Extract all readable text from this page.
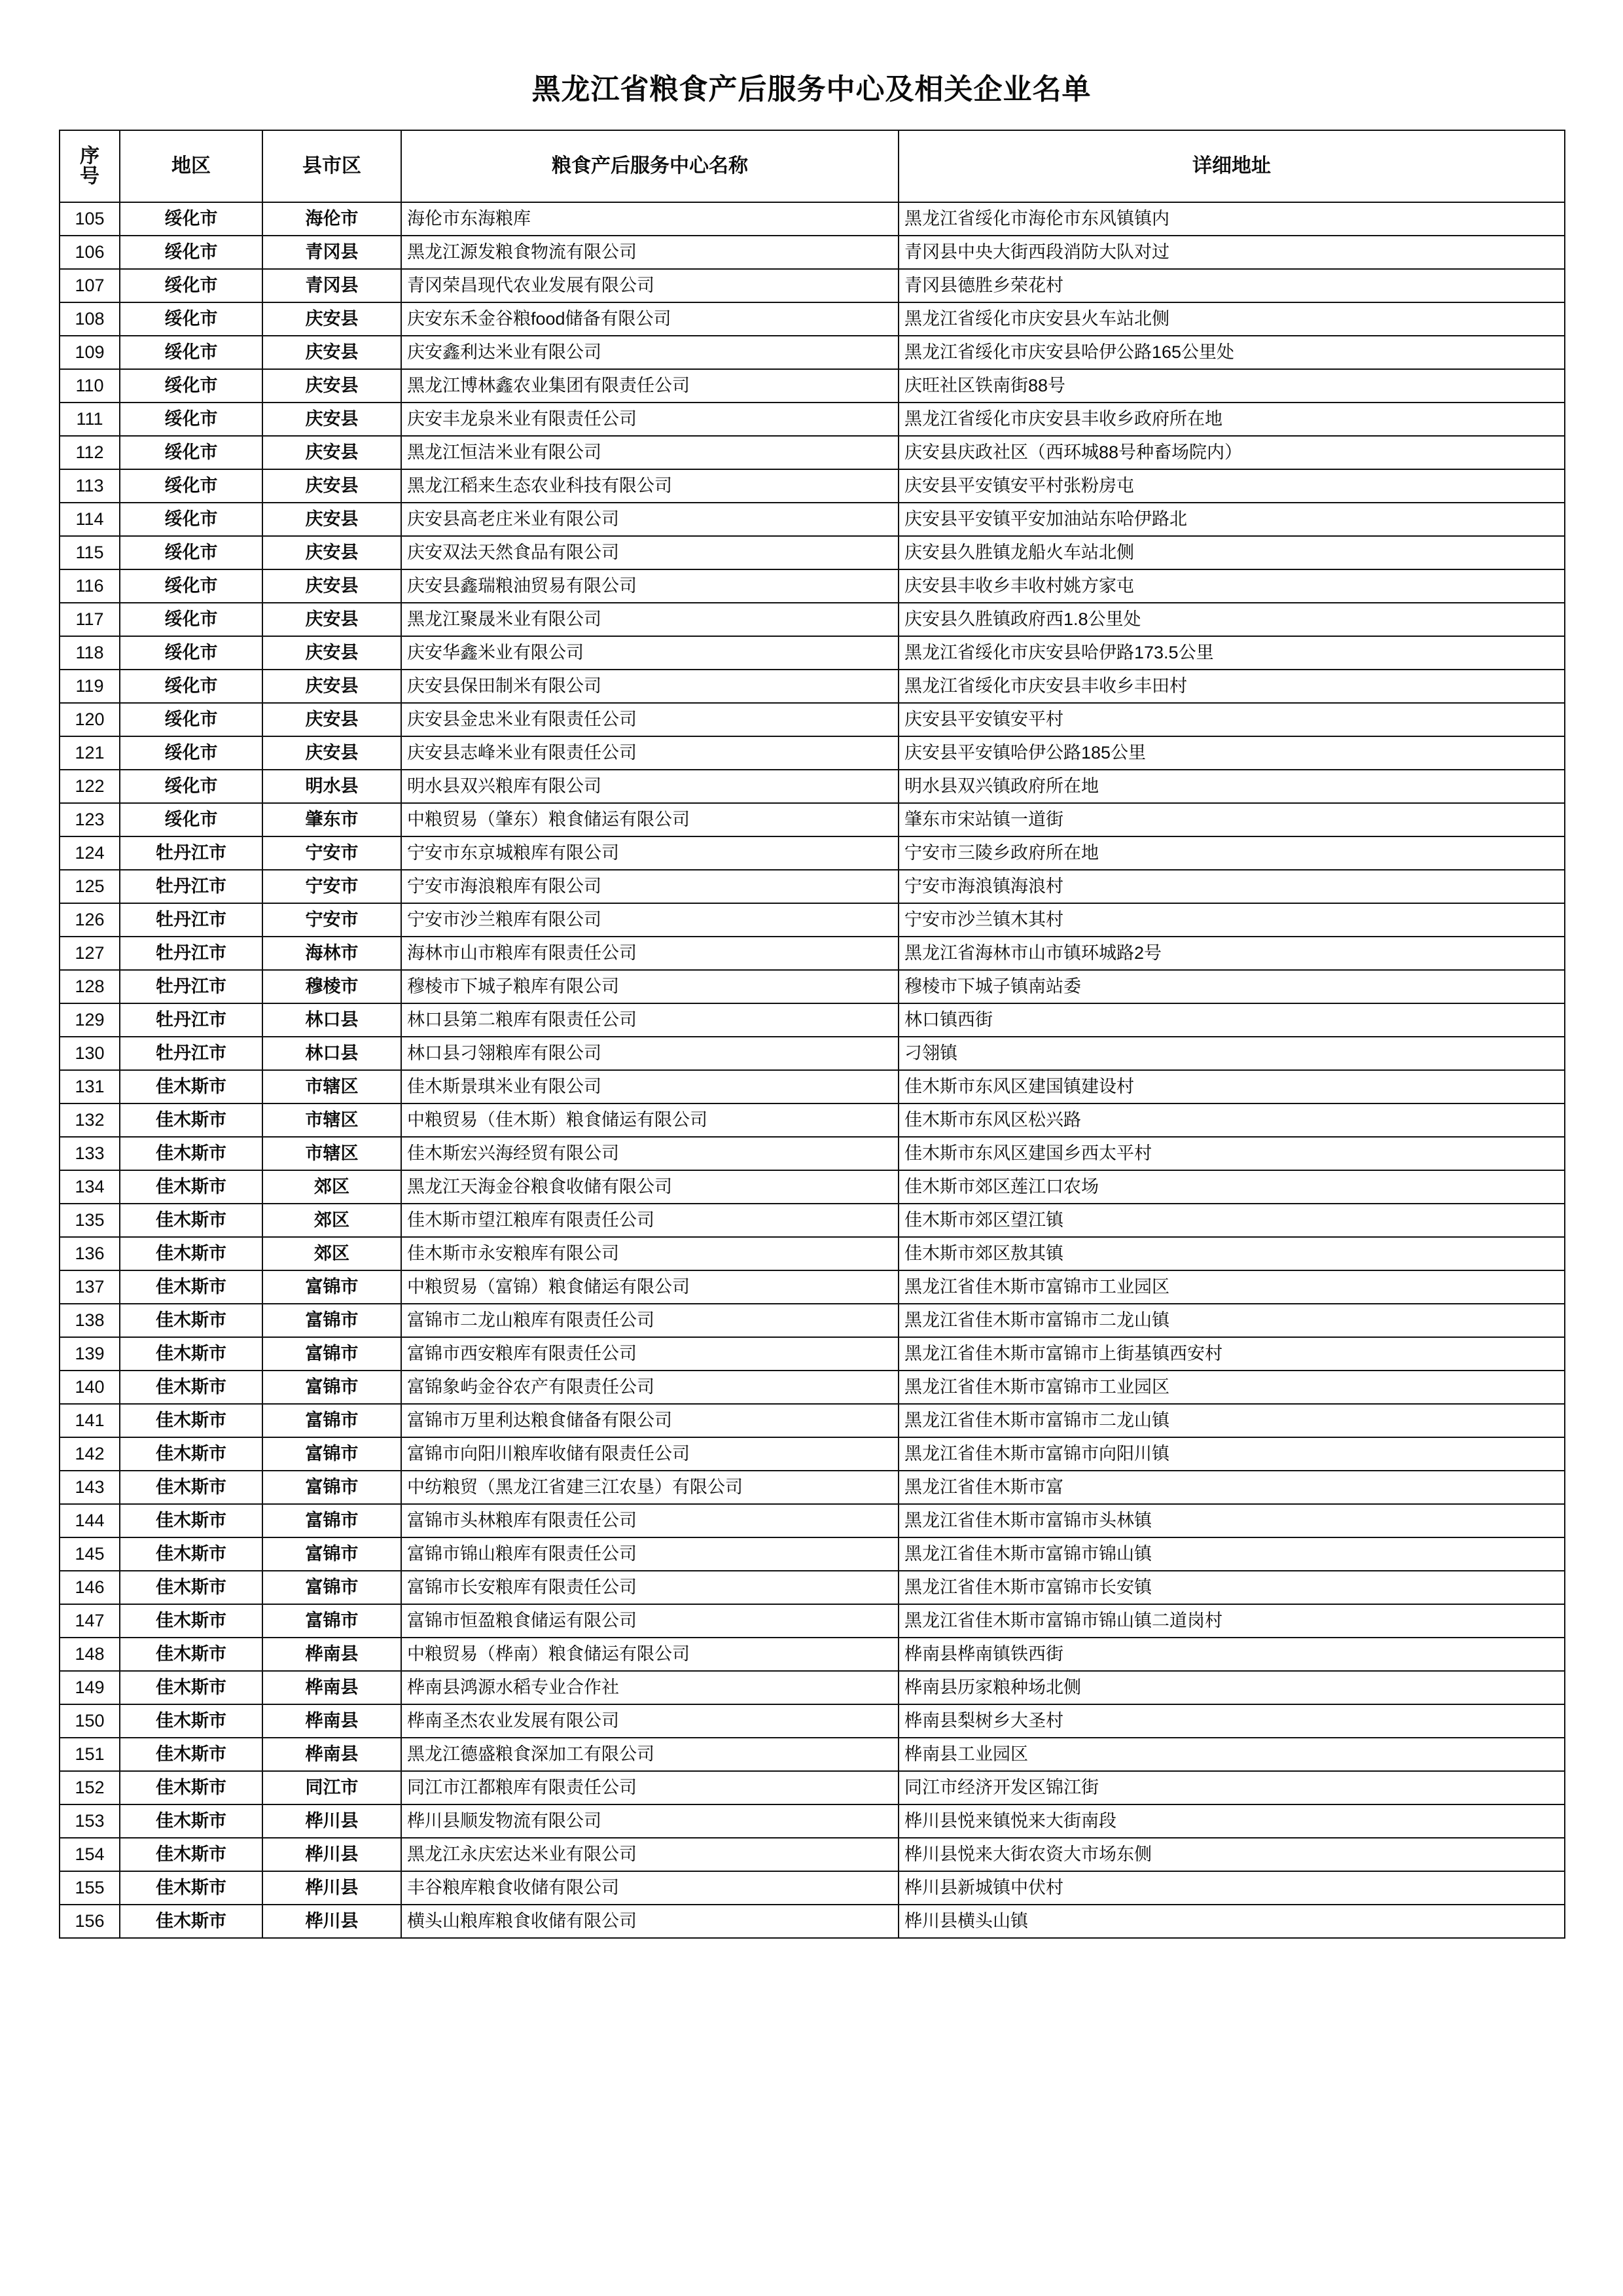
黑龙江省粮食产后服务中心及相关企业名单
序
号	地区	县市区	粮食产后服务中心名称	详细地址
105	绥化市	海伦市	海伦市东海粮库	黑龙江省绥化市海伦市东风镇镇内
106	绥化市	青冈县	黑龙江源发粮食物流有限公司	青冈县中央大街西段消防大队对过
107	绥化市	青冈县	青冈荣昌现代农业发展有限公司	青冈县德胜乡荣花村
108	绥化市	庆安县	庆安东禾金谷粮food储备有限公司	黑龙江省绥化市庆安县火车站北侧
109	绥化市	庆安县	庆安鑫利达米业有限公司	黑龙江省绥化市庆安县哈伊公路165公里处
110	绥化市	庆安县	黑龙江博林鑫农业集团有限责任公司	庆旺社区铁南街88号
111	绥化市	庆安县	庆安丰龙泉米业有限责任公司	黑龙江省绥化市庆安县丰收乡政府所在地
112	绥化市	庆安县	黑龙江恒洁米业有限公司	庆安县庆政社区（西环城88号种畜场院内）
113	绥化市	庆安县	黑龙江稻来生态农业科技有限公司	庆安县平安镇安平村张粉房屯
114	绥化市	庆安县	庆安县高老庄米业有限公司	庆安县平安镇平安加油站东哈伊路北
115	绥化市	庆安县	庆安双法天然食品有限公司	庆安县久胜镇龙船火车站北侧
116	绥化市	庆安县	庆安县鑫瑞粮油贸易有限公司	庆安县丰收乡丰收村姚方家屯
117	绥化市	庆安县	黑龙江聚晟米业有限公司	庆安县久胜镇政府西1.8公里处
118	绥化市	庆安县	庆安华鑫米业有限公司	黑龙江省绥化市庆安县哈伊路173.5公里
119	绥化市	庆安县	庆安县保田制米有限公司	黑龙江省绥化市庆安县丰收乡丰田村
120	绥化市	庆安县	庆安县金忠米业有限责任公司	庆安县平安镇安平村
121	绥化市	庆安县	庆安县志峰米业有限责任公司	庆安县平安镇哈伊公路185公里
122	绥化市	明水县	明水县双兴粮库有限公司	明水县双兴镇政府所在地
123	绥化市	肇东市	中粮贸易（肇东）粮食储运有限公司	肇东市宋站镇一道街
124	牡丹江市	宁安市	宁安市东京城粮库有限公司	宁安市三陵乡政府所在地
125	牡丹江市	宁安市	宁安市海浪粮库有限公司	宁安市海浪镇海浪村
126	牡丹江市	宁安市	宁安市沙兰粮库有限公司	宁安市沙兰镇木其村
127	牡丹江市	海林市	海林市山市粮库有限责任公司	黑龙江省海林市山市镇环城路2号
128	牡丹江市	穆棱市	穆棱市下城子粮库有限公司	穆棱市下城子镇南站委
129	牡丹江市	林口县	林口县第二粮库有限责任公司	林口镇西街
130	牡丹江市	林口县	林口县刁翎粮库有限公司	刁翎镇
131	佳木斯市	市辖区	佳木斯景琪米业有限公司	佳木斯市东风区建国镇建设村
132	佳木斯市	市辖区	中粮贸易（佳木斯）粮食储运有限公司	佳木斯市东风区松兴路
133	佳木斯市	市辖区	佳木斯宏兴海经贸有限公司	佳木斯市东风区建国乡西太平村
134	佳木斯市	郊区	黑龙江天海金谷粮食收储有限公司	佳木斯市郊区莲江口农场
135	佳木斯市	郊区	佳木斯市望江粮库有限责任公司	佳木斯市郊区望江镇
136	佳木斯市	郊区	佳木斯市永安粮库有限公司	佳木斯市郊区敖其镇
137	佳木斯市	富锦市	中粮贸易（富锦）粮食储运有限公司	黑龙江省佳木斯市富锦市工业园区
138	佳木斯市	富锦市	富锦市二龙山粮库有限责任公司	黑龙江省佳木斯市富锦市二龙山镇
139	佳木斯市	富锦市	富锦市西安粮库有限责任公司	黑龙江省佳木斯市富锦市上街基镇西安村
140	佳木斯市	富锦市	富锦象屿金谷农产有限责任公司	黑龙江省佳木斯市富锦市工业园区
141	佳木斯市	富锦市	富锦市万里利达粮食储备有限公司	黑龙江省佳木斯市富锦市二龙山镇
142	佳木斯市	富锦市	富锦市向阳川粮库收储有限责任公司	黑龙江省佳木斯市富锦市向阳川镇
143	佳木斯市	富锦市	中纺粮贸（黑龙江省建三江农垦）有限公司	黑龙江省佳木斯市富
144	佳木斯市	富锦市	富锦市头林粮库有限责任公司	黑龙江省佳木斯市富锦市头林镇
145	佳木斯市	富锦市	富锦市锦山粮库有限责任公司	黑龙江省佳木斯市富锦市锦山镇
146	佳木斯市	富锦市	富锦市长安粮库有限责任公司	黑龙江省佳木斯市富锦市长安镇
147	佳木斯市	富锦市	富锦市恒盈粮食储运有限公司	黑龙江省佳木斯市富锦市锦山镇二道岗村
148	佳木斯市	桦南县	中粮贸易（桦南）粮食储运有限公司	桦南县桦南镇铁西街
149	佳木斯市	桦南县	桦南县鸿源水稻专业合作社	桦南县历家粮种场北侧
150	佳木斯市	桦南县	桦南圣杰农业发展有限公司	桦南县梨树乡大圣村
151	佳木斯市	桦南县	黑龙江德盛粮食深加工有限公司	桦南县工业园区
152	佳木斯市	同江市	同江市江都粮库有限责任公司	同江市经济开发区锦江街
153	佳木斯市	桦川县	桦川县顺发物流有限公司	桦川县悦来镇悦来大街南段
154	佳木斯市	桦川县	黑龙江永庆宏达米业有限公司	桦川县悦来大街农资大市场东侧
155	佳木斯市	桦川县	丰谷粮库粮食收储有限公司	桦川县新城镇中伏村
156	佳木斯市	桦川县	横头山粮库粮食收储有限公司	桦川县横头山镇
